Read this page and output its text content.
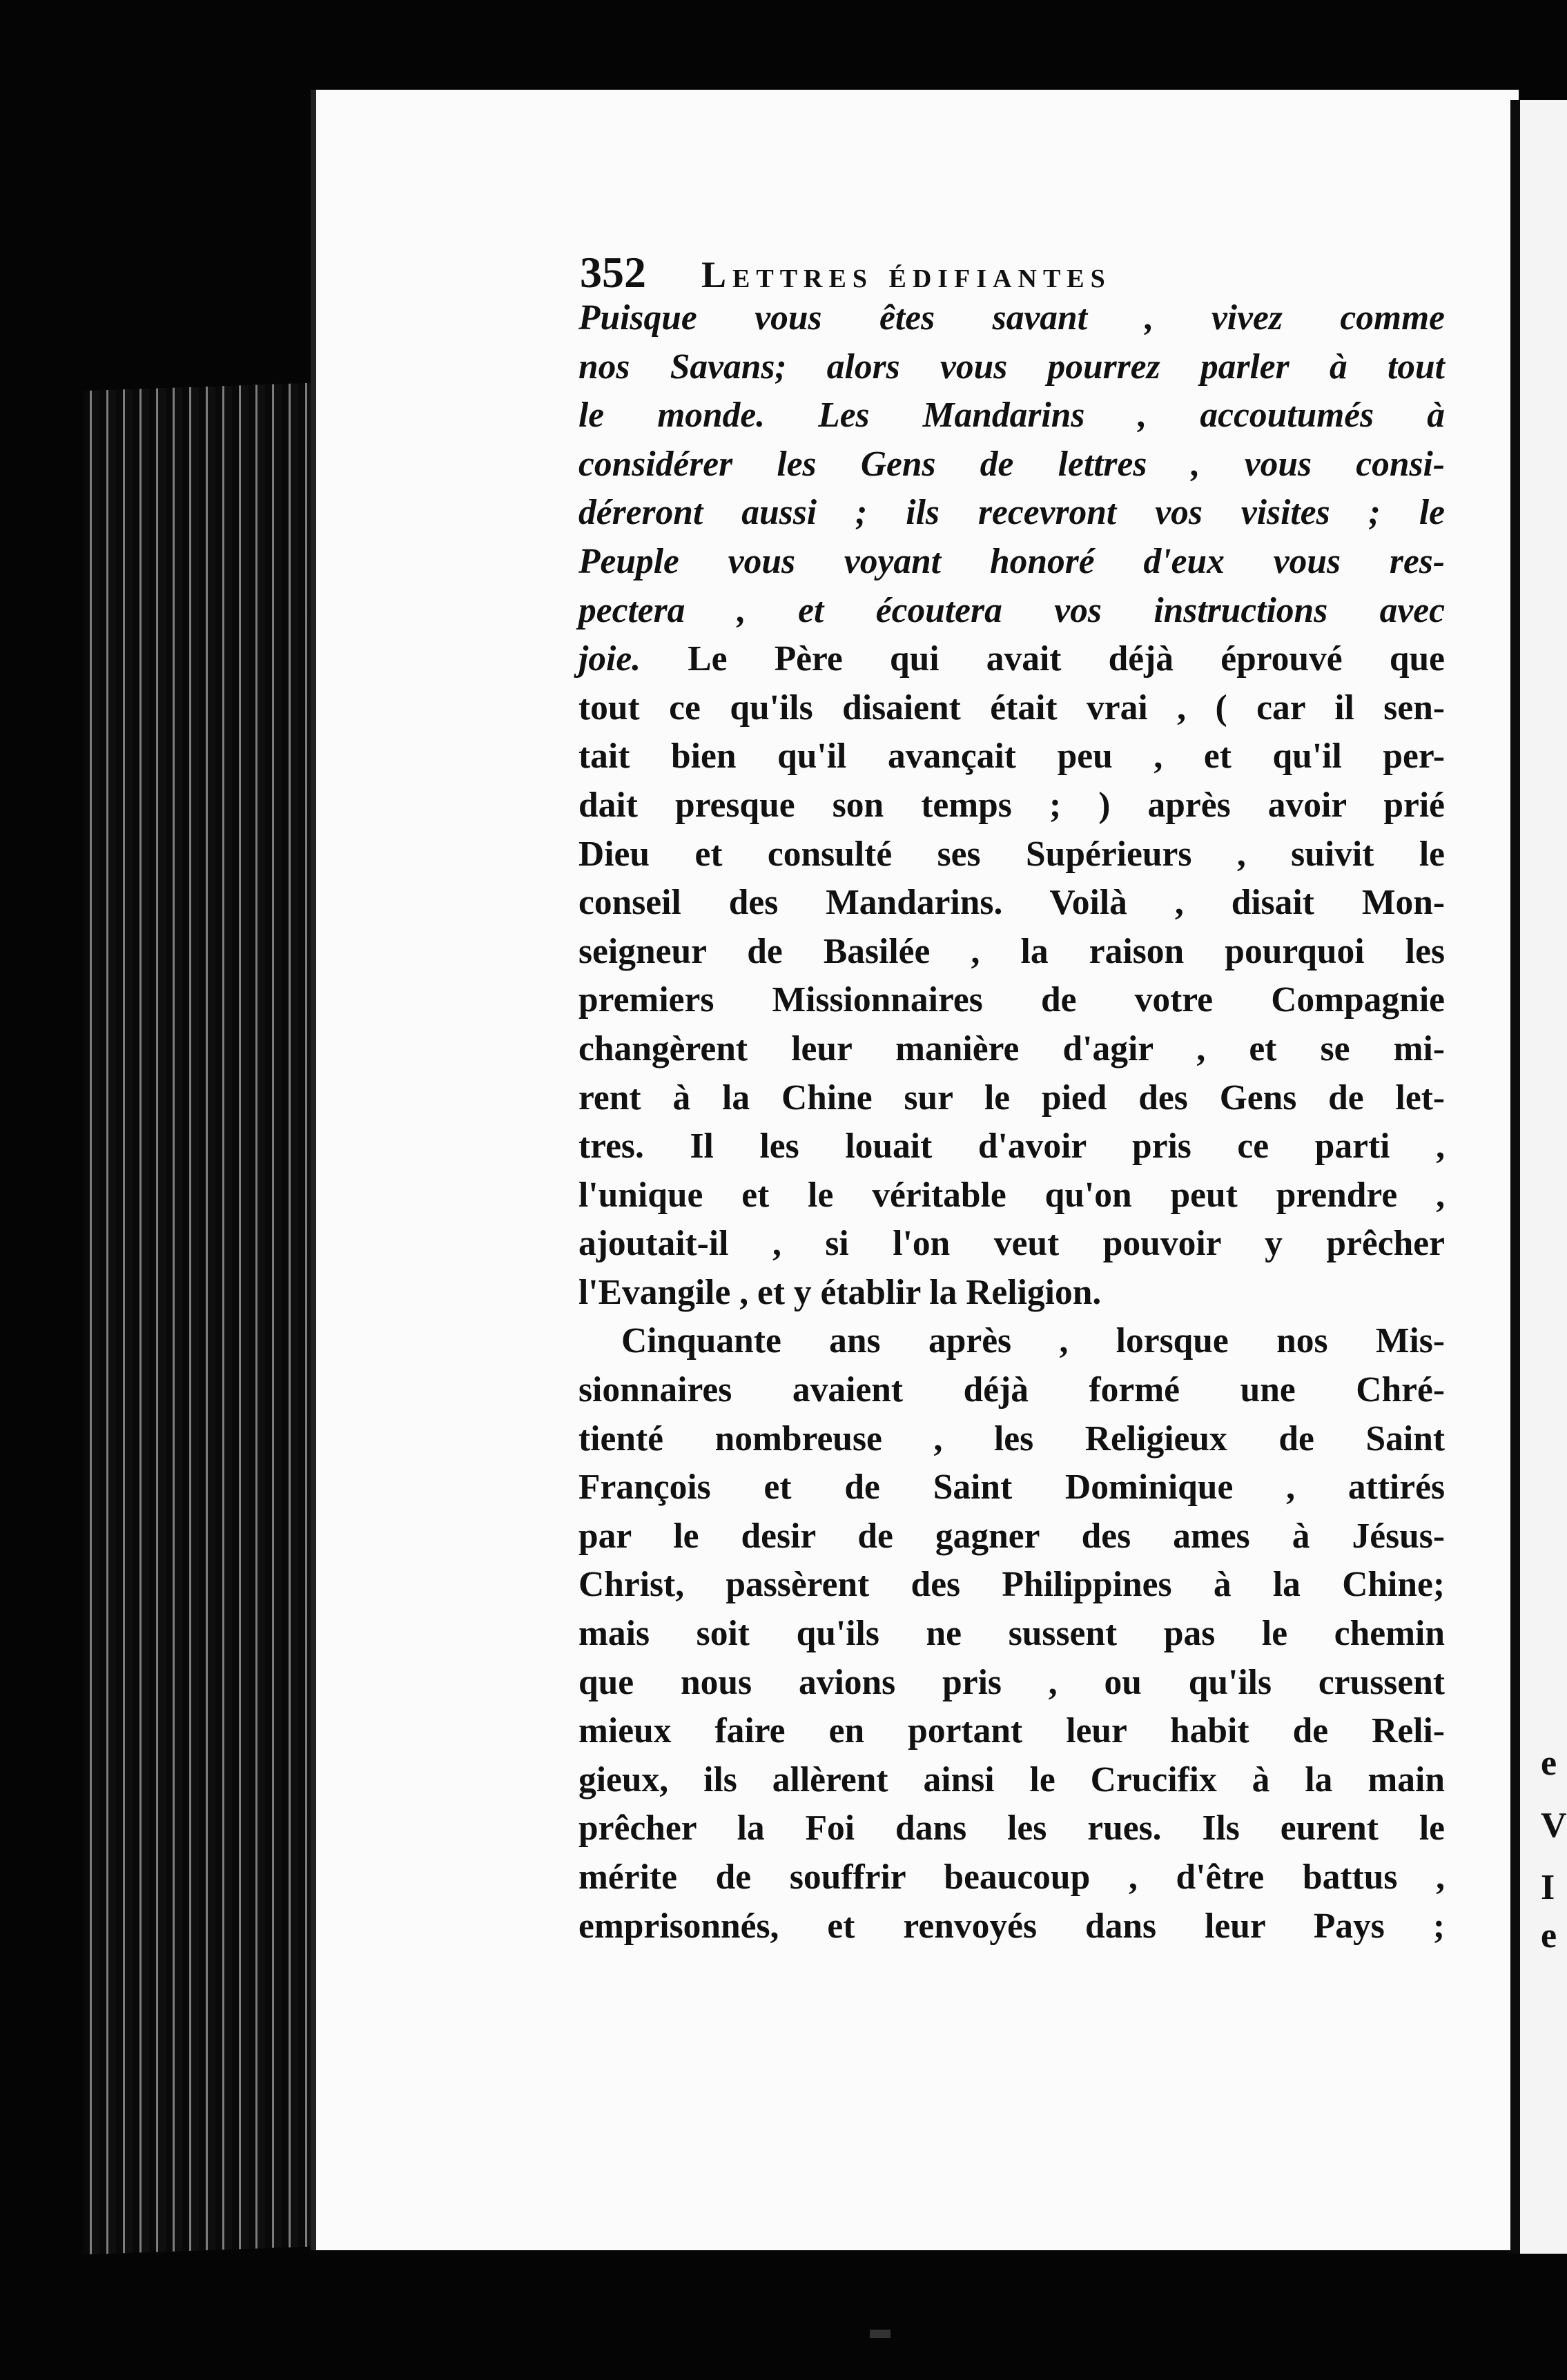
e
V
I
e
352 Lettres édifiantes
Puisque vous êtes savant , vivez comme
nos Savans; alors vous pourrez parler à tout
le monde. Les Mandarins , accoutumés à
considérer les Gens de lettres , vous consi-
déreront aussi ; ils recevront vos visites ; le
Peuple vous voyant honoré d'eux vous res-
pectera , et écoutera vos instructions avec
joie. Le Père qui avait déjà éprouvé que
tout ce qu'ils disaient était vrai , ( car il sen-
tait bien qu'il avançait peu , et qu'il per-
dait presque son temps ; ) après avoir prié
Dieu et consulté ses Supérieurs , suivit le
conseil des Mandarins. Voilà , disait Mon-
seigneur de Basilée , la raison pourquoi les
premiers Missionnaires de votre Compagnie
changèrent leur manière d'agir , et se mi-
rent à la Chine sur le pied des Gens de let-
tres. Il les louait d'avoir pris ce parti ,
l'unique et le véritable qu'on peut prendre ,
ajoutait-il , si l'on veut pouvoir y prêcher
l'Evangile , et y établir la Religion.
Cinquante ans après , lorsque nos Mis-
sionnaires avaient déjà formé une Chré-
tienté nombreuse , les Religieux de Saint
François et de Saint Dominique , attirés
par le desir de gagner des ames à Jésus-
Christ, passèrent des Philippines à la Chine;
mais soit qu'ils ne sussent pas le chemin
que nous avions pris , ou qu'ils crussent
mieux faire en portant leur habit de Reli-
gieux, ils allèrent ainsi le Crucifix à la main
prêcher la Foi dans les rues. Ils eurent le
mérite de souffrir beaucoup , d'être battus ,
emprisonnés, et renvoyés dans leur Pays ;
